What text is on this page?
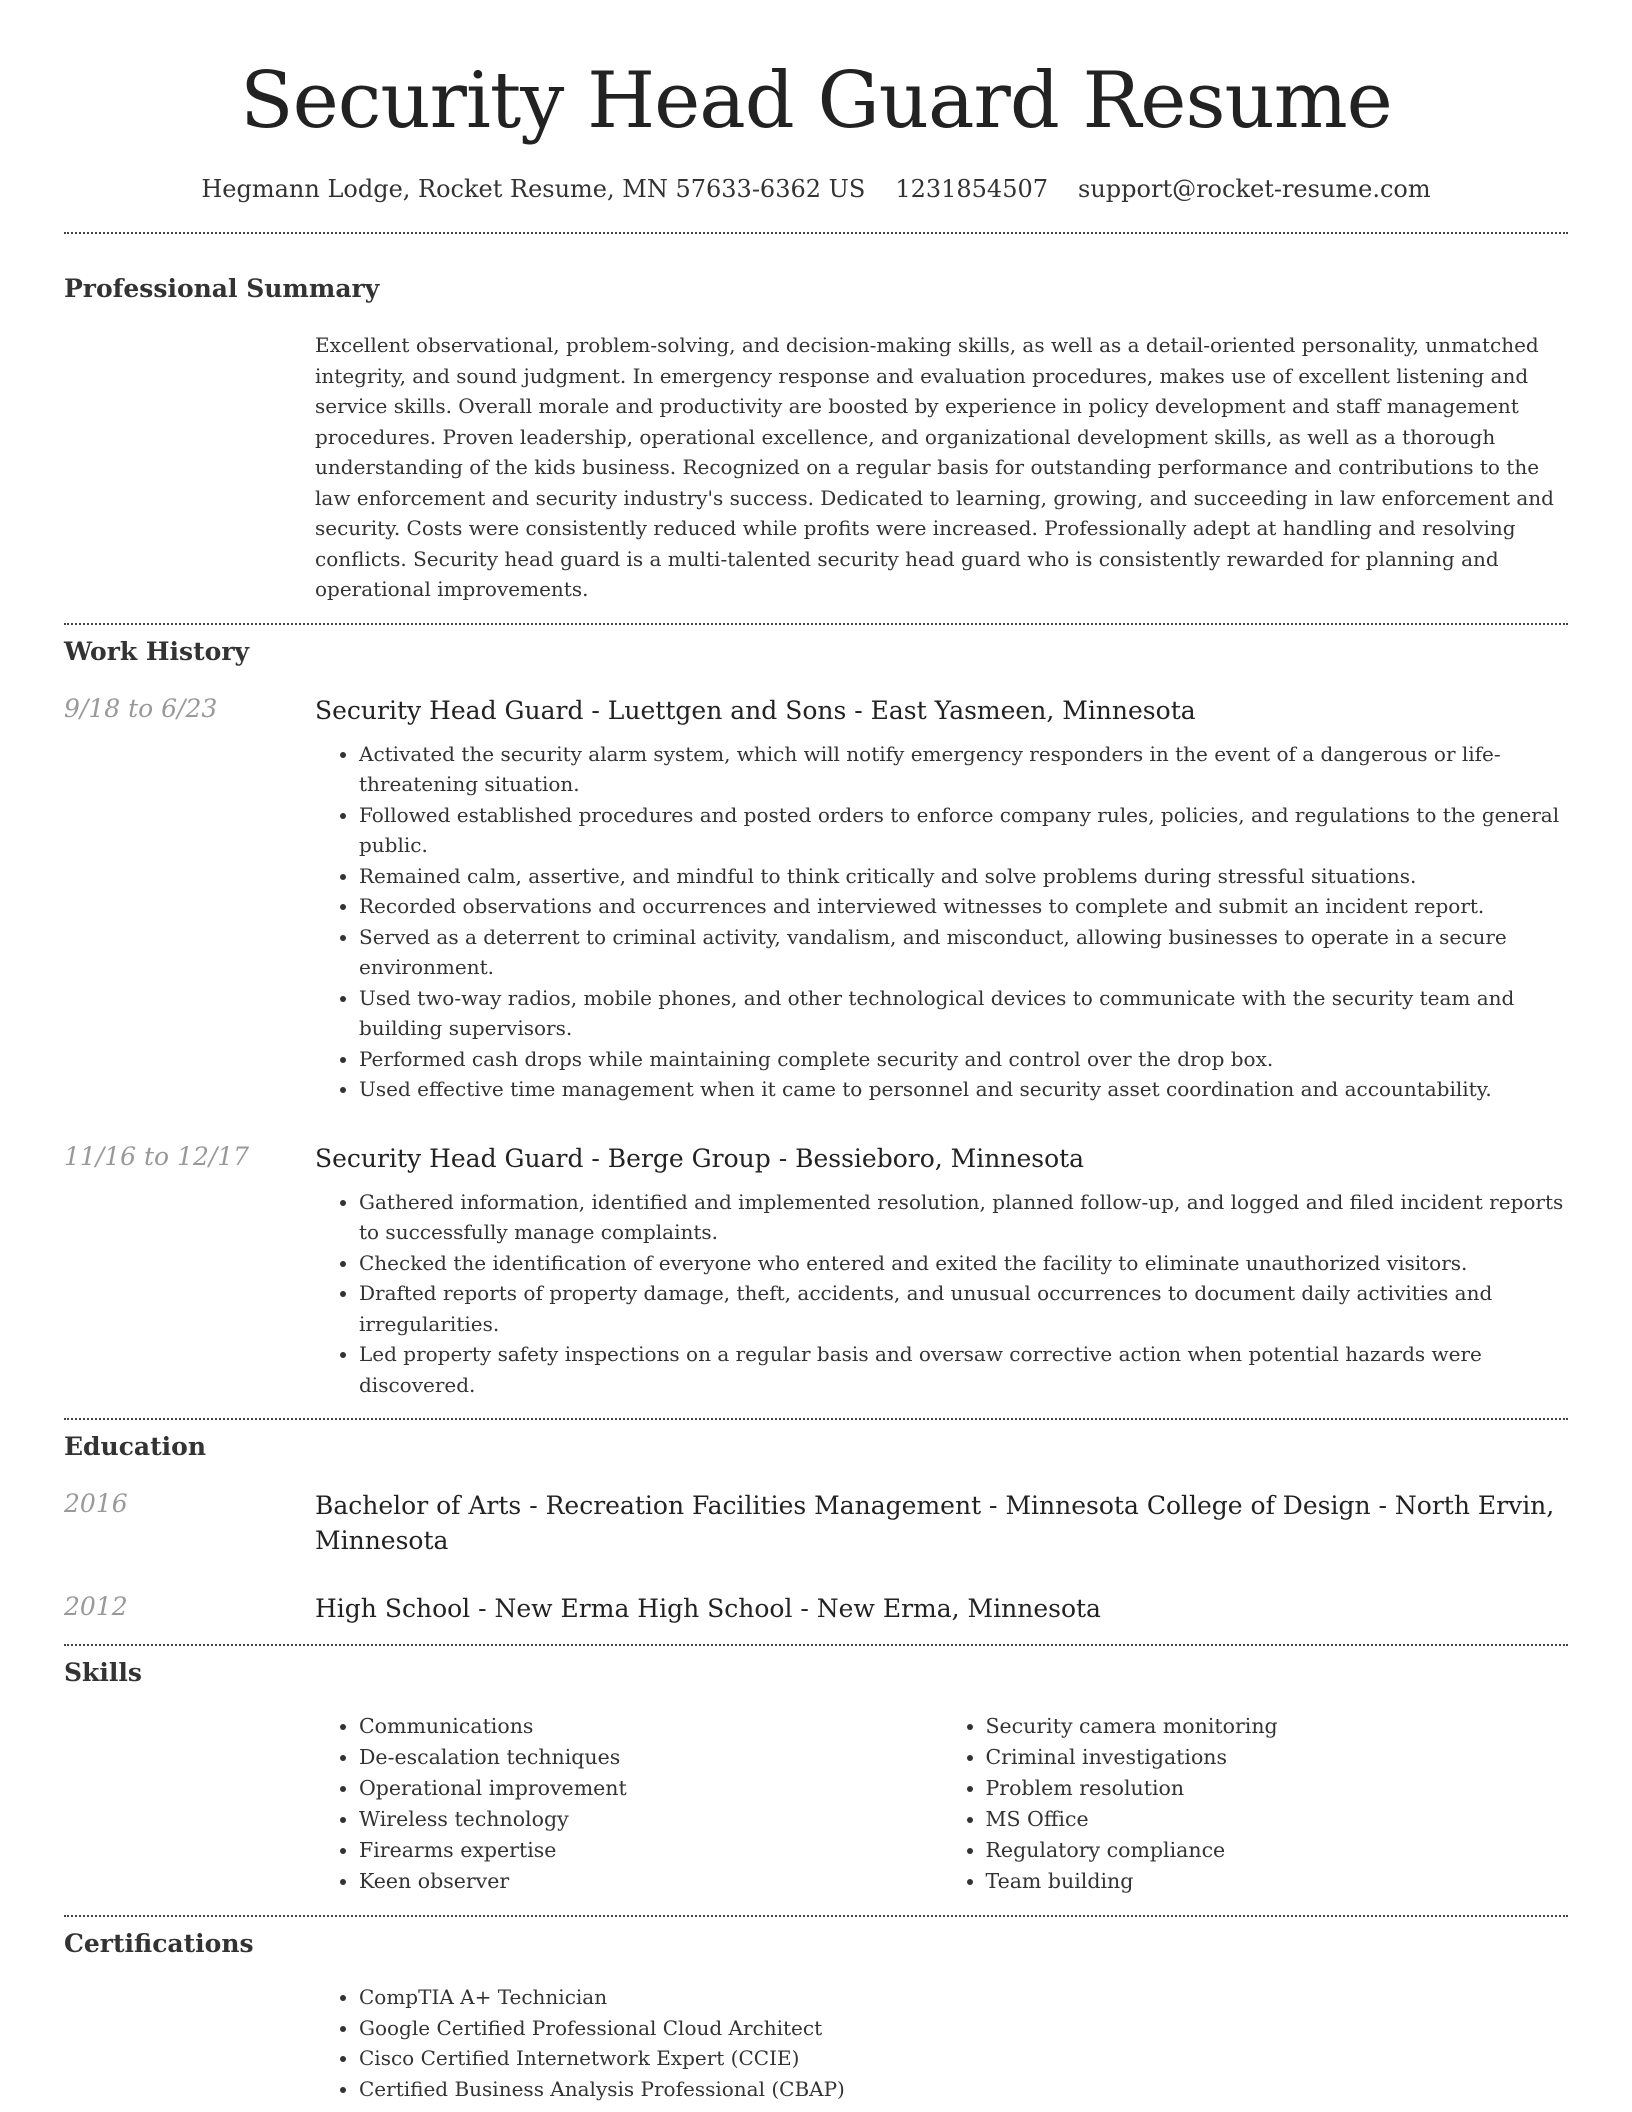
Security Head Guard Resume
Hegmann Lodge, Rocket Resume, MN 57633-6362 US 1231854507 support@rocket-resume.com
Professional Summary

Excellent observational, problem-solving, and decision-making skills, as well as a detail-oriented personality, unmatched integrity, and sound judgment. In emergency response and evaluation procedures, makes use of excellent listening and service skills. Overall morale and productivity are boosted by experience in policy development and staff management procedures. Proven leadership, operational excellence, and organizational development skills, as well as a thorough understanding of the kids business. Recognized on a regular basis for outstanding performance and contributions to the law enforcement and security industry's success. Dedicated to learning, growing, and succeeding in law enforcement and security. Costs were consistently reduced while profits were increased. Professionally adept at handling and resolving conflicts. Security head guard is a multi-talented security head guard who is consistently rewarded for planning and operational improvements.

Work History
9/18 to 6/23	Security Head Guard - Luettgen and Sons - East Yasmeen, Minnesota
• Activated the security alarm system, which will notify emergency responders in the event of a dangerous or life-threatening situation.
• Followed established procedures and posted orders to enforce company rules, policies, and regulations to the general public.
• Remained calm, assertive, and mindful to think critically and solve problems during stressful situations.
• Recorded observations and occurrences and interviewed witnesses to complete and submit an incident report.
• Served as a deterrent to criminal activity, vandalism, and misconduct, allowing businesses to operate in a secure environment.
• Used two-way radios, mobile phones, and other technological devices to communicate with the security team and building supervisors.
• Performed cash drops while maintaining complete security and control over the drop box.
• Used effective time management when it came to personnel and security asset coordination and accountability.
11/16 to 12/17	Security Head Guard - Berge Group - Bessieboro, Minnesota
• Gathered information, identified and implemented resolution, planned follow-up, and logged and filed incident reports to successfully manage complaints.
• Checked the identification of everyone who entered and exited the facility to eliminate unauthorized visitors.
• Drafted reports of property damage, theft, accidents, and unusual occurrences to document daily activities and irregularities.
• Led property safety inspections on a regular basis and oversaw corrective action when potential hazards were discovered.
Education
2016	Bachelor of Arts - Recreation Facilities Management - Minnesota College of Design - North Ervin, Minnesota
2012	High School - New Erma High School - New Erma, Minnesota
Skills
• Communications
• De-escalation techniques
• Operational improvement
• Wireless technology
• Firearms expertise
• Keen observer
• Security camera monitoring
• Criminal investigations
• Problem resolution
• MS Office
• Regulatory compliance
• Team building
Certifications
• CompTIA A+ Technician
• Google Certified Professional Cloud Architect
• Cisco Certified Internetwork Expert (CCIE)
• Certified Business Analysis Professional (CBAP)
